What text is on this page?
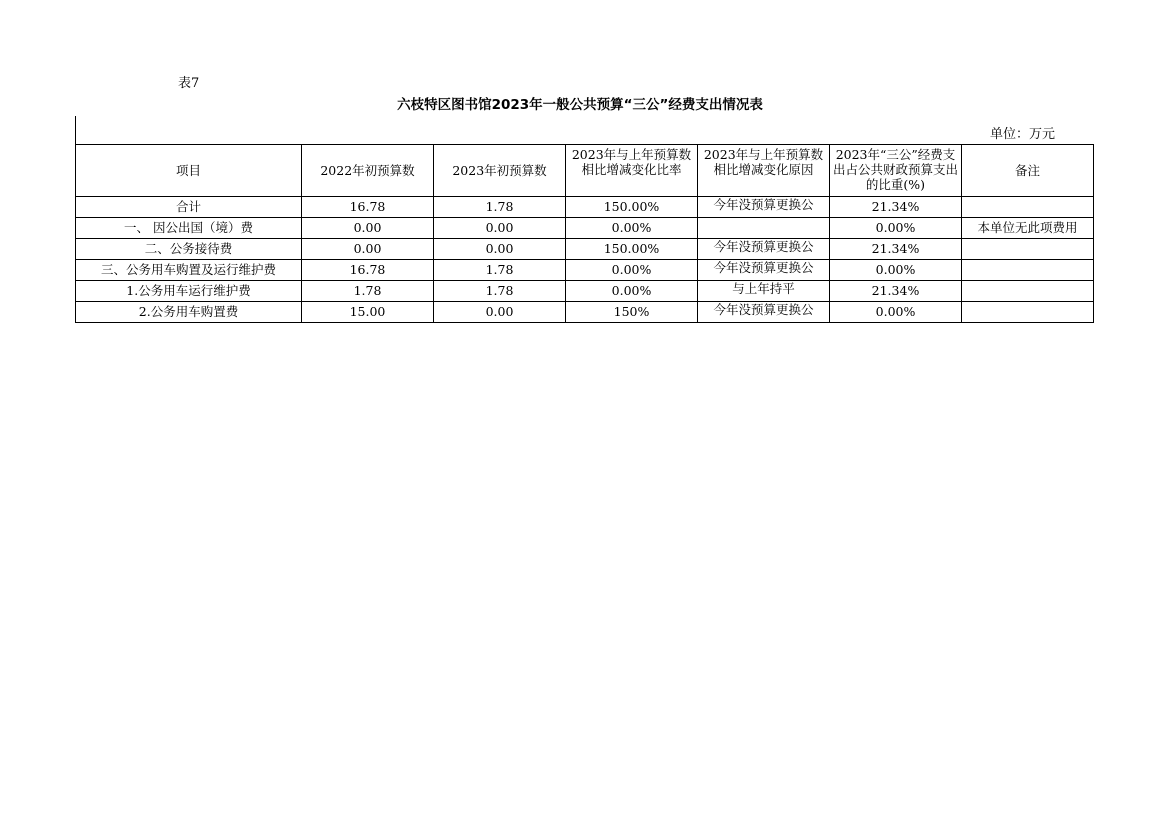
表7
六枝特区图书馆2023年一般公共预算“三公”经费支出情况表
单位：万元
项目	2022年初预算数	2023年初预算数	2023年与上年预算数相比增减变化比率	2023年与上年预算数相比增减变化原因	2023年“三公”经费支出占公共财政预算支出的比重(%)	备注
合计	16.78	1.78	150.00%	今年没预算更换公	21.34%	
一、 因公出国（境）费	0.00	0.00	0.00%		0.00%	本单位无此项费用
二、公务接待费	0.00	0.00	150.00%	今年没预算更换公	21.34%	
三、公务用车购置及运行维护费	16.78	1.78	0.00%	今年没预算更换公	0.00%	
1.公务用车运行维护费	1.78	1.78	0.00%	与上年持平	21.34%	
2.公务用车购置费	15.00	0.00	150%	今年没预算更换公	0.00%	
